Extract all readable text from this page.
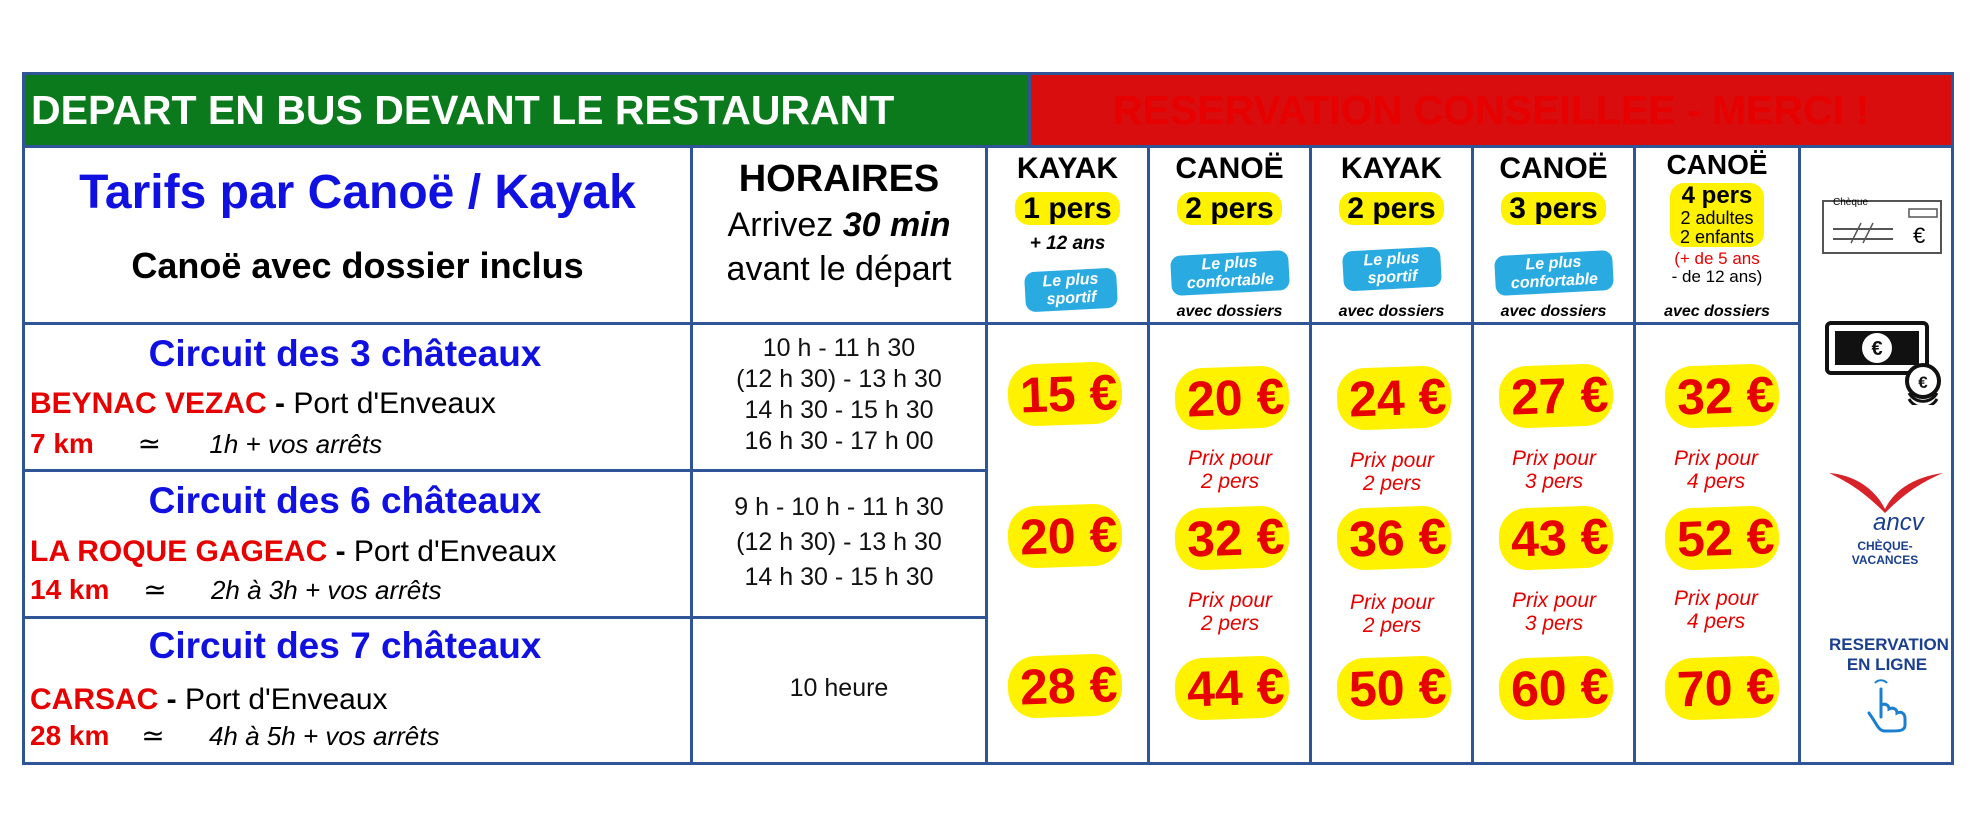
DEPART EN BUS DEVANT LE RESTAURANT	RESERVATION CONSEILLEE - MERCI !
Tarifs par Canoë / Kayak
Canoë avec dossier inclus
HORAIRES
Arrivez 30 min
avant le départ
KAYAK
1 pers
+ 12 ans
Le plus sportif
CANOË
2 pers
Le plus confortable
avec dossiers
KAYAK
2 pers
Le plus sportif
avec dossiers
CANOË
3 pers
Le plus confortable
avec dossiers
CANOË
4 pers
2 adultes
2 enfants
(+ de 5 ans
- de 12 ans)
avec dossiers
Circuit des 3 châteaux
BEYNAC VEZAC - Port d'Enveaux
7 km ≃ 1h + vos arrêts
10 h - 11 h 30
(12 h 30) - 13 h 30
14 h 30 - 15 h 30
16 h 30 - 17 h 00
Circuit des 6 châteaux
LA ROQUE GAGEAC - Port d'Enveaux
14 km ≃ 2h à 3h + vos arrêts
9 h - 10 h - 11 h 30
(12 h 30) - 13 h 30
14 h 30 - 15 h 30
Circuit des 7 châteaux
CARSAC - Port d'Enveaux
28 km ≃ 4h à 5h + vos arrêts
10 heure
15 €
20 €
28 €
20 €
Prix pour
2 pers
32 €
Prix pour
2 pers
44 €
24 €
Prix pour
2 pers
36 €
Prix pour
2 pers
50 €
27 €
Prix pour
3 pers
43 €
Prix pour
3 pers
60 €
32 €
Prix pour
4 pers
52 €
Prix pour
4 pers
70 €
Chèque
€
€
€
ancv
CHÈQUE-VACANCES
RESERVATION
EN LIGNE
